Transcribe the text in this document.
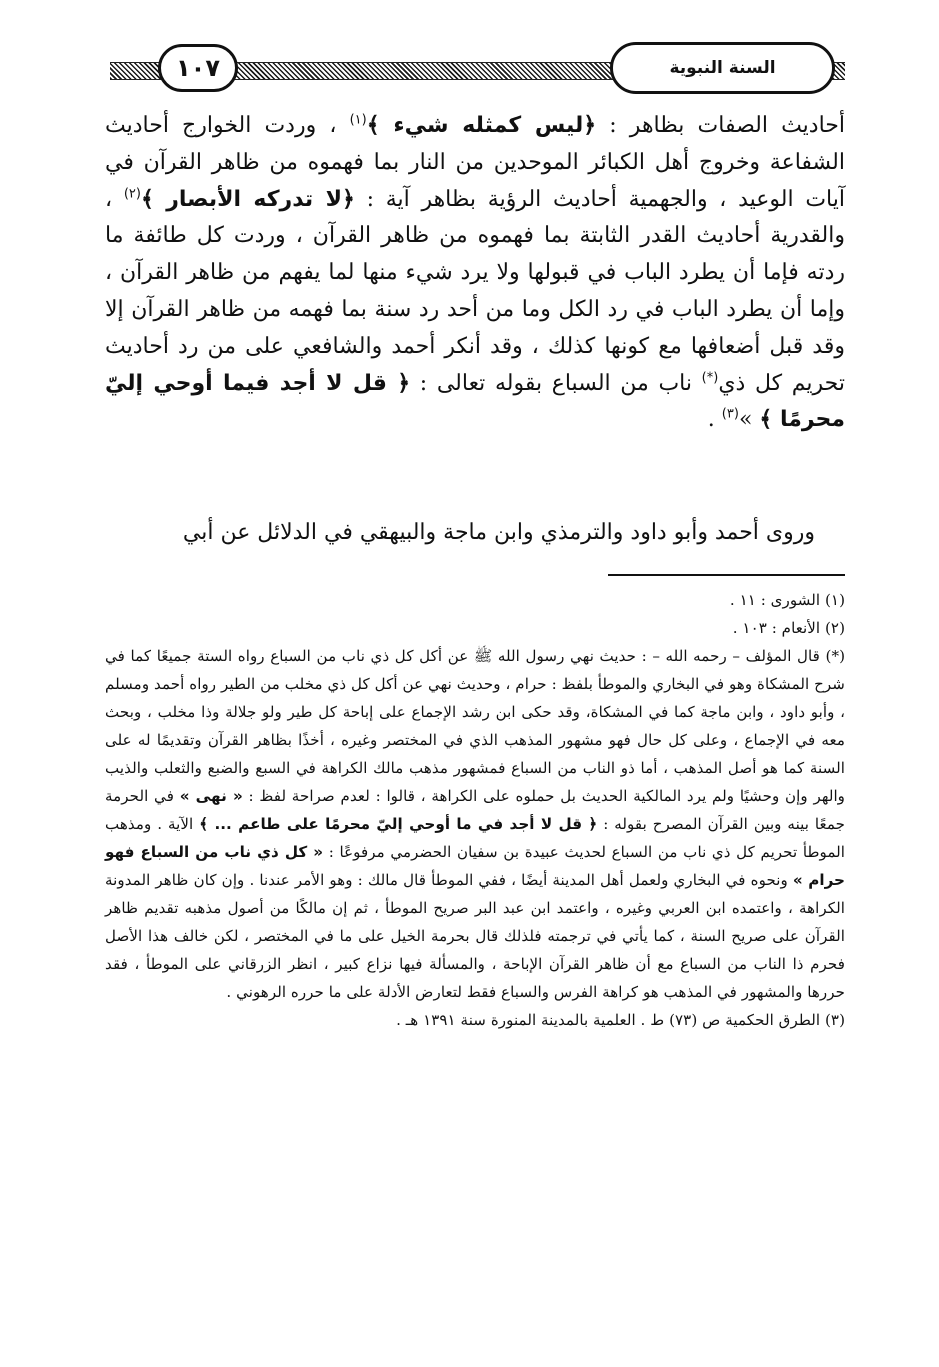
١٠٧	السنة النبوية

أحاديث الصفات بظاهر : ﴿ليس كمثله شيء ﴾$^{(١)}$ ، وردت الخوارج أحاديث الشفاعة وخروج أهل الكبائر الموحدين من النار بما فهموه من ظاهر القرآن في آيات الوعيد ، والجهمية أحاديث الرؤية بظاهر آية : ﴿لا تدركه الأبصار ﴾$^{(٢)}$ ، والقدرية أحاديث القدر الثابتة بما فهموه من ظاهر القرآن ، وردت كل طائفة ما ردته فإما أن يطرد الباب في قبولها ولا يرد شيء منها لما يفهم من ظاهر القرآن ، وإما أن يطرد الباب في رد الكل وما من أحد رد سنة بما فهمه من ظاهر القرآن إلا وقد قبل أضعافها مع كونها كذلك ، وقد أنكر أحمد والشافعي على من رد أحاديث تحريم كل ذي(*) ناب من السباع بقوله تعالى : ﴿ قل لا أجد فيما أوحي إليّ محرمًا ﴾ »$^{(٣)}$ .

وروى أحمد وأبو داود والترمذي وابن ماجة والبيهقي في الدلائل عن أبي

(١) الشورى : ١١ .

(٢) الأنعام : ١٠٣ .

(*) قال المؤلف – رحمه الله – : حديث نهي رسول الله ﷺ عن أكل كل ذي ناب من السباع رواه الستة جميعًا كما في شرح المشكاة وهو في البخاري والموطأ بلفظ : حرام ، وحديث نهي عن أكل كل ذي مخلب من الطير رواه أحمد ومسلم ، وأبو داود ، وابن ماجة كما في المشكاة، وقد حكى ابن رشد الإجماع على إباحة كل طير ولو جلالة وذا مخلب ، وبحث معه في الإجماع ، وعلى كل حال فهو مشهور المذهب الذي في المختصر وغيره ، أخذًا بظاهر القرآن وتقديمًا له على السنة كما هو أصل المذهب ، أما ذو الناب من السباع فمشهور مذهب مالك الكراهة في السبع والضبع والثعلب والذيب والهر وإن وحشيًا ولم يرد المالكية الحديث بل حملوه على الكراهة ، قالوا : لعدم صراحة لفظ : « نهى » في الحرمة جمعًا بينه وبين القرآن المصرح بقوله : ﴿ قل لا أجد في ما أوحي إليّ محرمًا على طاعم ... ﴾ الآية . ومذهب الموطأ تحريم كل ذي ناب من السباع لحديث عبيدة بن سفيان الحضرمي مرفوعًا : « كل ذي ناب من السباع فهو حرام » ونحوه في البخاري ولعمل أهل المدينة أيضًا ، ففي الموطأ قال مالك : وهو الأمر عندنا . وإن كان ظاهر المدونة الكراهة ، واعتمده ابن العربي وغيره ، واعتمد ابن عبد البر صريح الموطأ ، ثم إن مالكًا من أصول مذهبه تقديم ظاهر القرآن على صريح السنة ، كما يأتي في ترجمته فلذلك قال بحرمة الخيل على ما في المختصر ، لكن خالف هذا الأصل فحرم ذا الناب من السباع مع أن ظاهر القرآن الإباحة ، والمسألة فيها نزاع كبير ، انظر الزرقاني على الموطأ ، فقد حررها والمشهور في المذهب هو كراهة الفرس والسباع فقط لتعارض الأدلة على ما حرره الرهوني .

(٣) الطرق الحكمية ص (٧٣) ط . العلمية بالمدينة المنورة سنة ١٣٩١ هـ .
